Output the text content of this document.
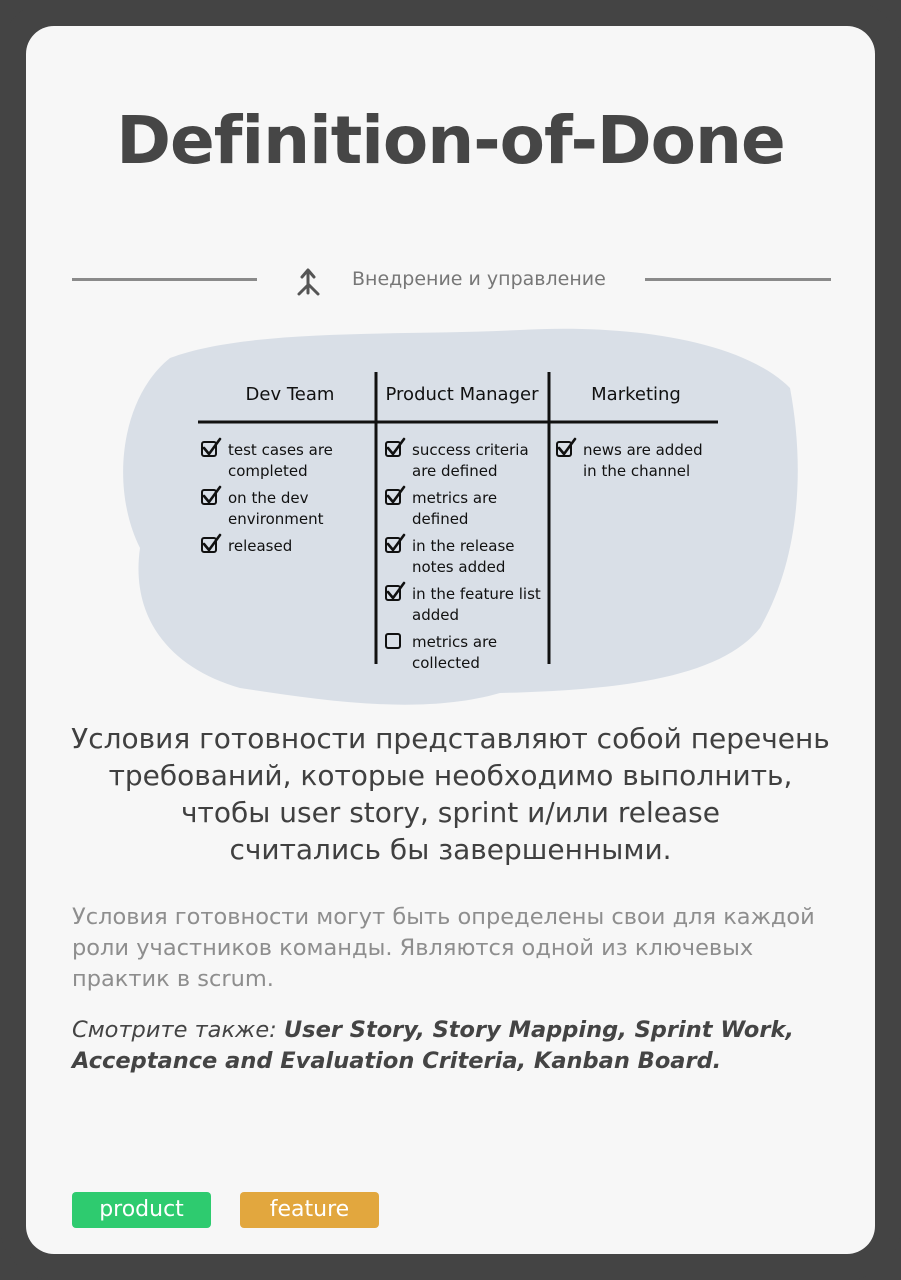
Definition-of-Done
Внедрение и управление
Dev Team
test cases are
completed
on the dev
environment
released
Product Manager
success criteria
are defined
metrics are
defined
in the release
notes added
in the feature list
added
metrics are
collected
Marketing
news are added
in the channel

Условия готовности представляют собой перечень
требований, которые необходимо выполнить,
чтобы user story, sprint и/или release
считались бы завершенными.

Условия готовности могут быть определены свои для каждой
роли участников команды. Являются одной из ключевых
практик в scrum.

Смотрите также: User Story, Story Mapping, Sprint Work,
Acceptance and Evaluation Criteria, Kanban Board.

product	feature
